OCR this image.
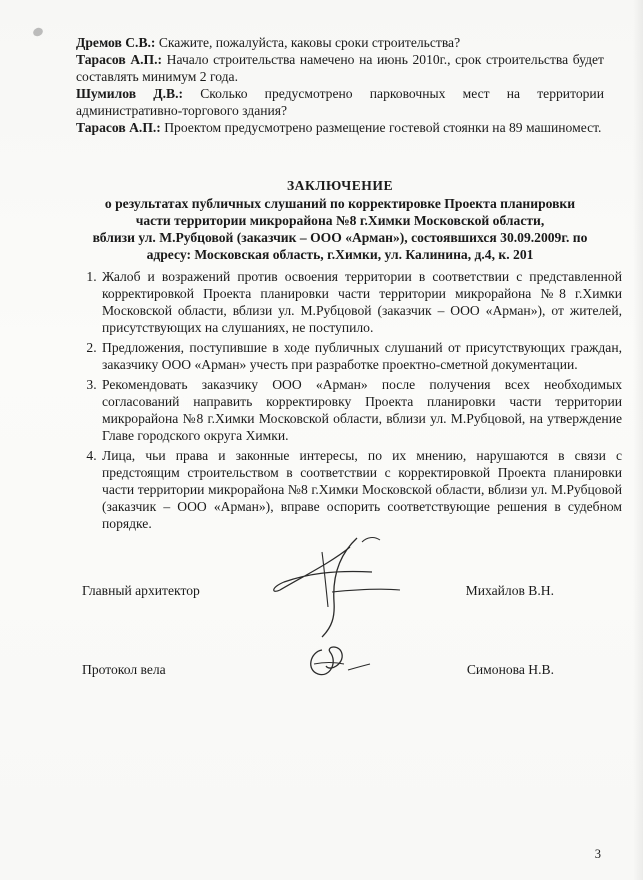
Дремов С.В.: Скажите, пожалуйста, каковы сроки строительства?

Тарасов А.П.: Начало строительства намечено на июнь 2010г., срок строительства будет составлять минимум 2 года.

Шумилов Д.В.: Сколько предусмотрено парковочных мест на территории административно-торгового здания?

Тарасов А.П.: Проектом предусмотрено размещение гостевой стоянки на 89 машиномест.

ЗАКЛЮЧЕНИЕ
о результатах публичных слушаний по корректировке Проекта планировки
части территории микрорайона №8 г.Химки Московской области,
вблизи ул. М.Рубцовой (заказчик – ООО «Арман»), состоявшихся 30.09.2009г. по
адресу: Московская область, г.Химки, ул. Калинина, д.4, к. 201
1. Жалоб и возражений против освоения территории в соответствии с представленной корректировкой Проекта планировки части территории микрорайона №8 г.Химки Московской области, вблизи ул. М.Рубцовой (заказчик – ООО «Арман»), от жителей, присутствующих на слушаниях, не поступило.
2. Предложения, поступившие в ходе публичных слушаний от присутствующих граждан, заказчику ООО «Арман» учесть при разработке проектно-сметной документации.
3. Рекомендовать заказчику ООО «Арман» после получения всех необходимых согласований направить корректировку Проекта планировки части территории микрорайона №8 г.Химки Московской области, вблизи ул. М.Рубцовой, на утверждение Главе городского округа Химки.
4. Лица, чьи права и законные интересы, по их мнению, нарушаются в связи с предстоящим строительством в соответствии с корректировкой Проекта планировки части территории микрорайона №8 г.Химки Московской области, вблизи ул. М.Рубцовой (заказчик – ООО «Арман»), вправе оспорить соответствующие решения в судебном порядке.
Главный архитектор	Михайлов В.Н.
Протокол вела	Симонова Н.В.
3
